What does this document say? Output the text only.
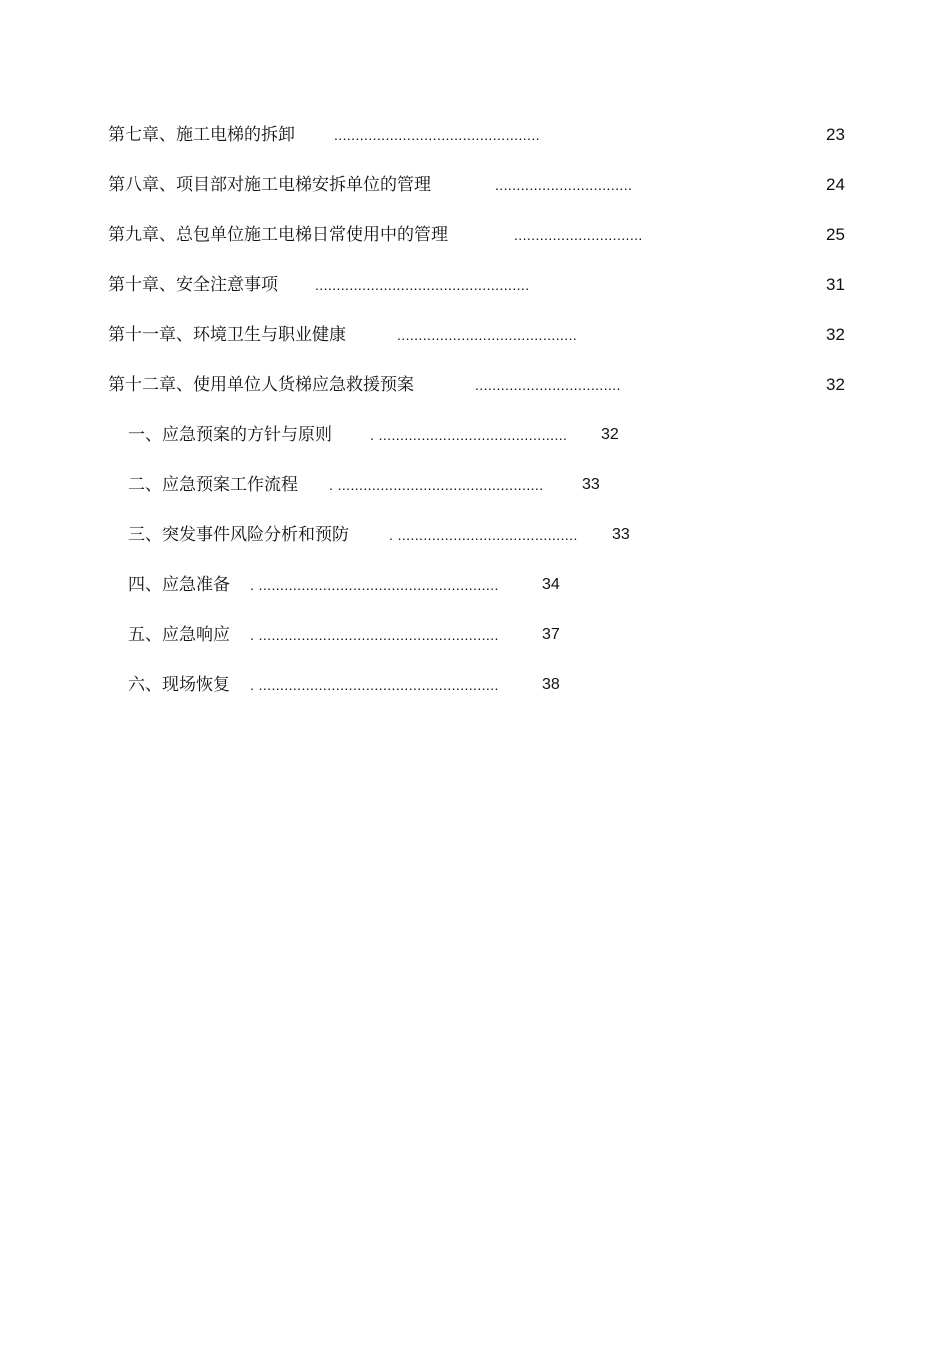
第七章、施工电梯的拆卸	................................................	23
第八章、项目部对施工电梯安拆单位的管理	................................	24
第九章、总包单位施工电梯日常使用中的管理	..............................	25
第十章、安全注意事项	..................................................	31
第十一章、环境卫生与职业健康	..........................................	32
第十二章、使用单位人货梯应急救援预案	..................................	32
一、应急预案的方针与原则	. ............................................ 32
二、应急预案工作流程 . ................................................ 33
三、突发事件风险分析和预防	. .......................................... 33
四、应急准备 . ........................................................	34
五、应急响应 . ........................................................	37
六、现场恢复 . ........................................................	38
